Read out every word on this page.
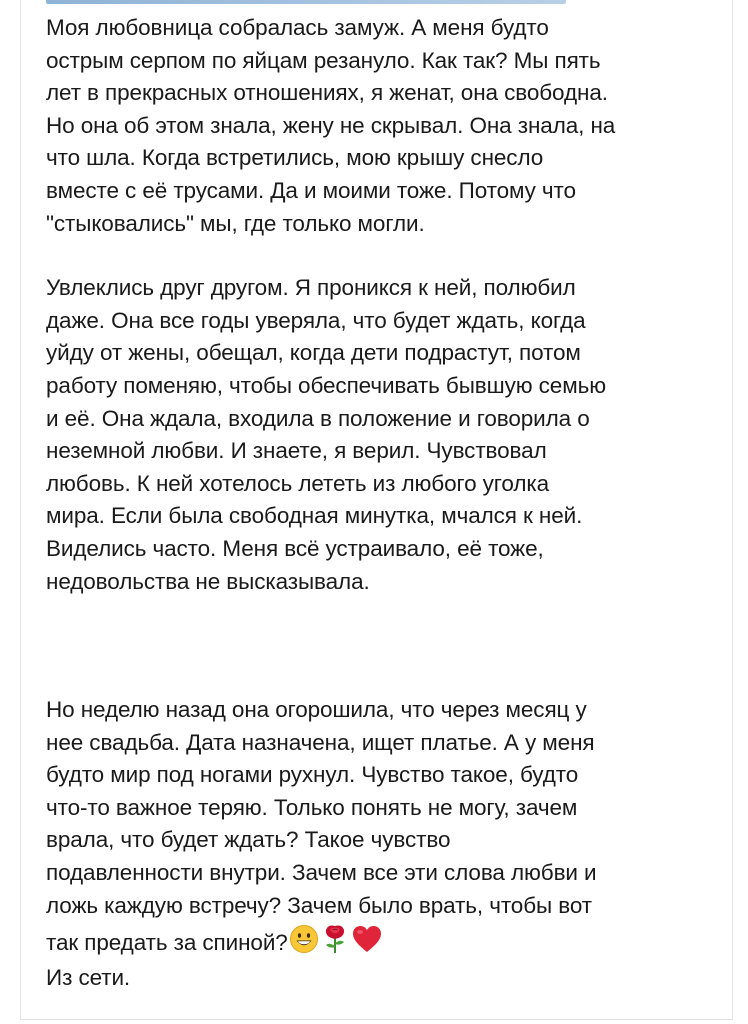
Моя любовница собралась замуж. А меня будто
острым серпом по яйцам резануло. Как так? Мы пять
лет в прекрасных отношениях, я женат, она свободна.
Но она об этом знала, жену не скрывал. Она знала, на
что шла. Когда встретились, мою крышу снесло
вместе с её трусами. Да и моими тоже. Потому что
"стыковались" мы, где только могли.
Увлеклись друг другом. Я проникся к ней, полюбил
даже. Она все годы уверяла, что будет ждать, когда
уйду от жены, обещал, когда дети подрастут, потом
работу поменяю, чтобы обеспечивать бывшую семью
и её. Она ждала, входила в положение и говорила о
неземной любви. И знаете, я верил. Чувствовал
любовь. К ней хотелось лететь из любого уголка
мира. Если была свободная минутка, мчался к ней.
Виделись часто. Меня всё устраивало, её тоже,
недовольства не высказывала.
Но неделю назад она огорошила, что через месяц у
нее свадьба. Дата назначена, ищет платье. А у меня
будто мир под ногами рухнул. Чувство такое, будто
что-то важное теряю. Только понять не могу, зачем
врала, что будет ждать? Такое чувство
подавленности внутри. Зачем все эти слова любви и
ложь каждую встречу? Зачем было врать, чтобы вот
так предать за спиной?
Из сети.
